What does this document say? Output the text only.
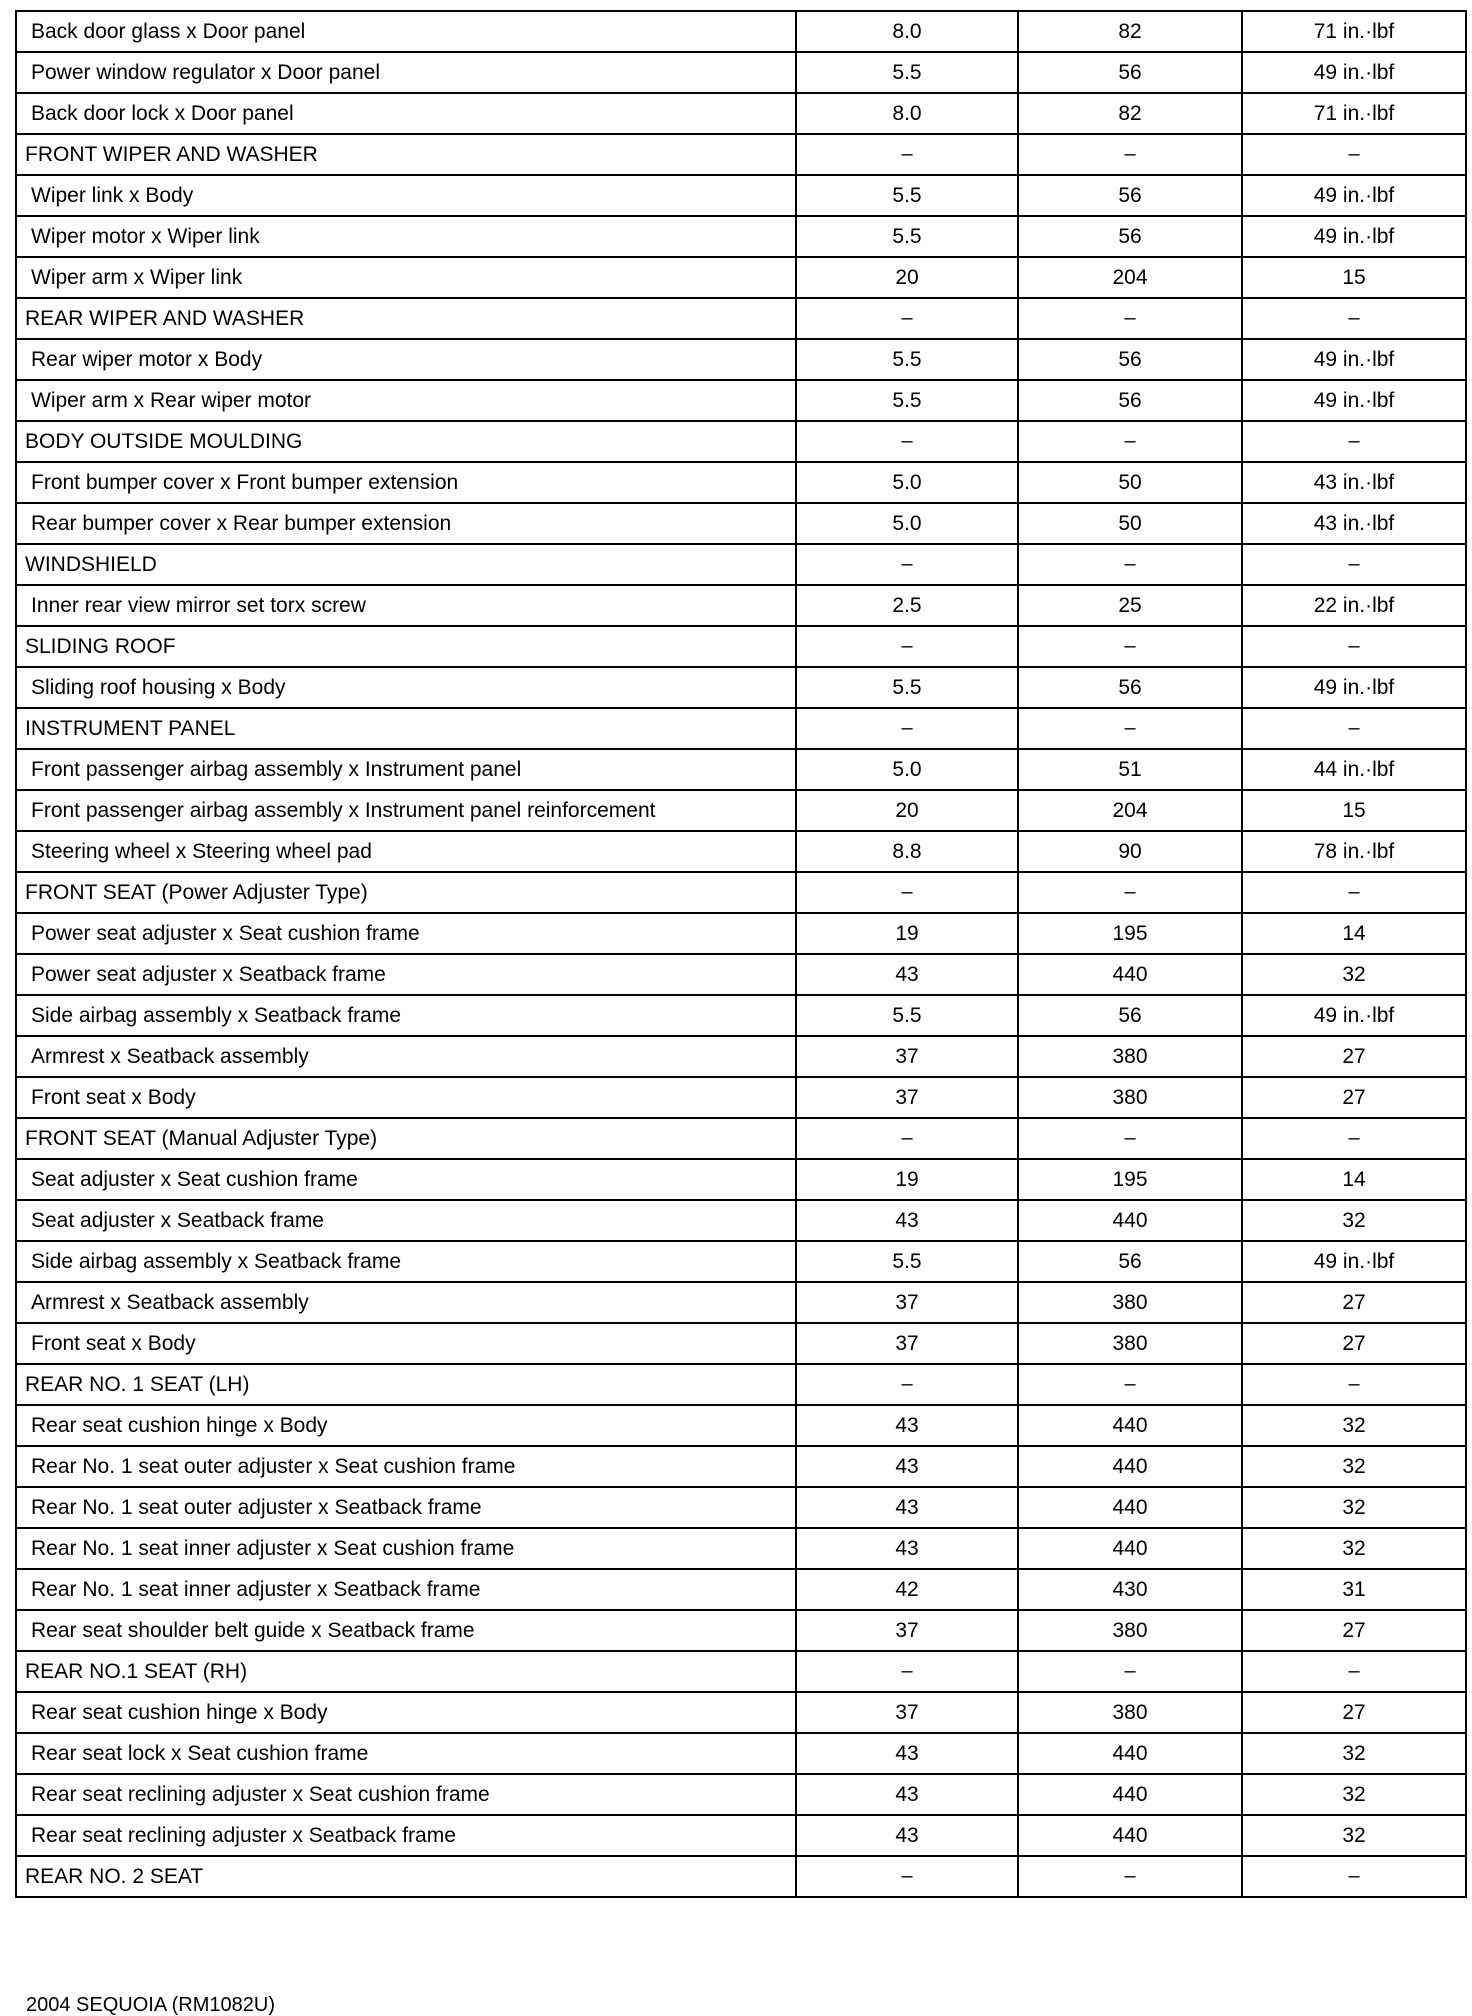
Back door glass x Door panel	8.0	82	71 in.·lbf
Power window regulator x Door panel	5.5	56	49 in.·lbf
Back door lock x Door panel	8.0	82	71 in.·lbf
FRONT WIPER AND WASHER	–	–	–
Wiper link x Body	5.5	56	49 in.·lbf
Wiper motor x Wiper link	5.5	56	49 in.·lbf
Wiper arm x Wiper link	20	204	15
REAR WIPER AND WASHER	–	–	–
Rear wiper motor x Body	5.5	56	49 in.·lbf
Wiper arm x Rear wiper motor	5.5	56	49 in.·lbf
BODY OUTSIDE MOULDING	–	–	–
Front bumper cover x Front bumper extension	5.0	50	43 in.·lbf
Rear bumper cover x Rear bumper extension	5.0	50	43 in.·lbf
WINDSHIELD	–	–	–
Inner rear view mirror set torx screw	2.5	25	22 in.·lbf
SLIDING ROOF	–	–	–
Sliding roof housing x Body	5.5	56	49 in.·lbf
INSTRUMENT PANEL	–	–	–
Front passenger airbag assembly x Instrument panel	5.0	51	44 in.·lbf
Front passenger airbag assembly x Instrument panel reinforcement	20	204	15
Steering wheel x Steering wheel pad	8.8	90	78 in.·lbf
FRONT SEAT (Power Adjuster Type)	–	–	–
Power seat adjuster x Seat cushion frame	19	195	14
Power seat adjuster x Seatback frame	43	440	32
Side airbag assembly x Seatback frame	5.5	56	49 in.·lbf
Armrest x Seatback assembly	37	380	27
Front seat x Body	37	380	27
FRONT SEAT (Manual Adjuster Type)	–	–	–
Seat adjuster x Seat cushion frame	19	195	14
Seat adjuster x Seatback frame	43	440	32
Side airbag assembly x Seatback frame	5.5	56	49 in.·lbf
Armrest x Seatback assembly	37	380	27
Front seat x Body	37	380	27
REAR NO. 1 SEAT (LH)	–	–	–
Rear seat cushion hinge x Body	43	440	32
Rear No. 1 seat outer adjuster x Seat cushion frame	43	440	32
Rear No. 1 seat outer adjuster x Seatback frame	43	440	32
Rear No. 1 seat inner adjuster x Seat cushion frame	43	440	32
Rear No. 1 seat inner adjuster x Seatback frame	42	430	31
Rear seat shoulder belt guide x Seatback frame	37	380	27
REAR NO.1 SEAT (RH)	–	–	–
Rear seat cushion hinge x Body	37	380	27
Rear seat lock x Seat cushion frame	43	440	32
Rear seat reclining adjuster x Seat cushion frame	43	440	32
Rear seat reclining adjuster x Seatback frame	43	440	32
REAR NO. 2 SEAT	–	–	–
2004 SEQUOIA (RM1082U)
